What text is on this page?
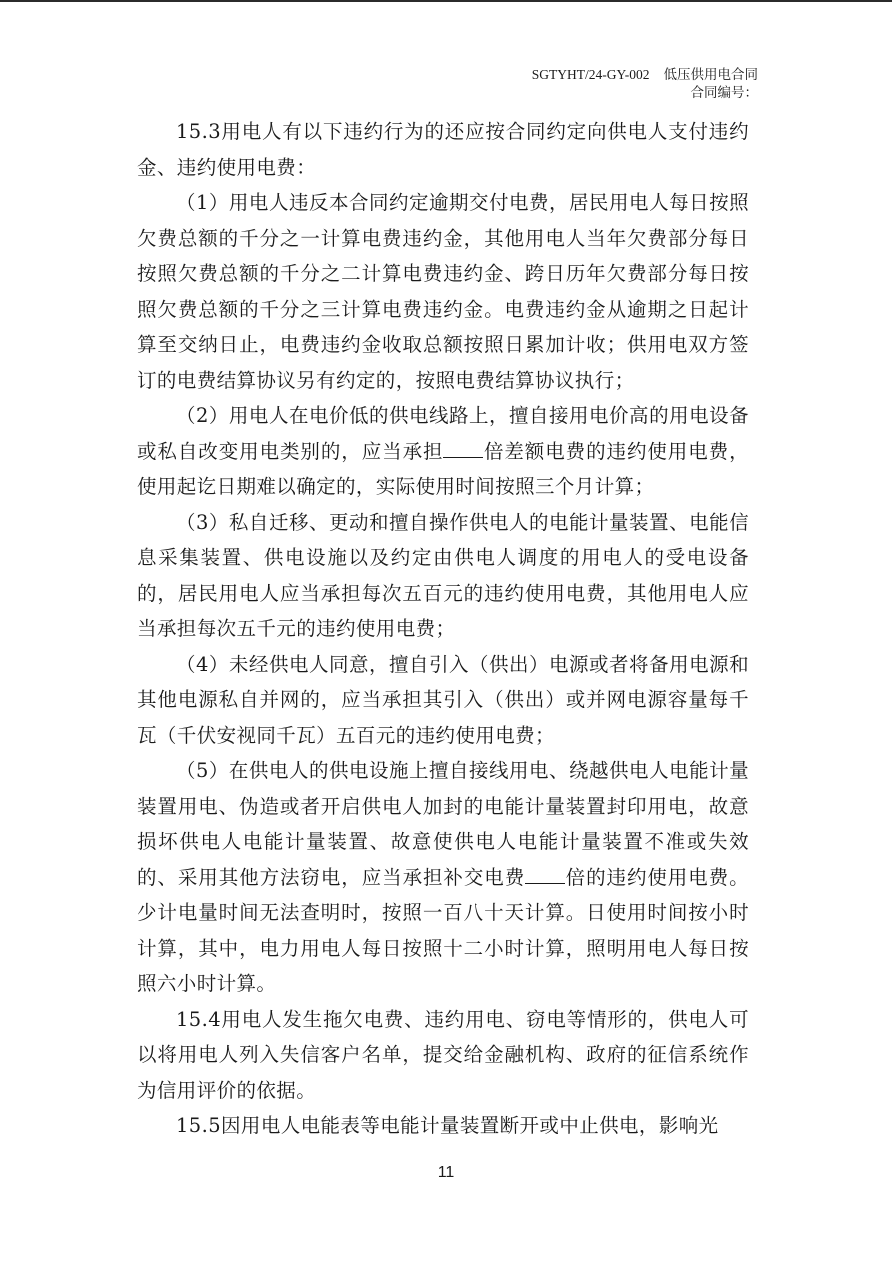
SGTYHT/24-GY-002 低压供用电合同
合同编号：

15.3用电人有以下违约行为的还应按合同约定向供电人支付违约金、违约使用电费：

（1）用电人违反本合同约定逾期交付电费，居民用电人每日按照欠费总额的千分之一计算电费违约金，其他用电人当年欠费部分每日按照欠费总额的千分之二计算电费违约金、跨日历年欠费部分每日按照欠费总额的千分之三计算电费违约金。电费违约金从逾期之日起计算至交纳日止，电费违约金收取总额按照日累加计收；供用电双方签订的电费结算协议另有约定的，按照电费结算协议执行；

（2）用电人在电价低的供电线路上，擅自接用电价高的用电设备或私自改变用电类别的，应当承担 倍差额电费的违约使用电费，使用起讫日期难以确定的，实际使用时间按照三个月计算；

（3）私自迁移、更动和擅自操作供电人的电能计量装置、电能信息采集装置、供电设施以及约定由供电人调度的用电人的受电设备的，居民用电人应当承担每次五百元的违约使用电费，其他用电人应当承担每次五千元的违约使用电费；

（4）未经供电人同意，擅自引入（供出）电源或者将备用电源和其他电源私自并网的，应当承担其引入（供出）或并网电源容量每千瓦（千伏安视同千瓦）五百元的违约使用电费；

（5）在供电人的供电设施上擅自接线用电、绕越供电人电能计量装置用电、伪造或者开启供电人加封的电能计量装置封印用电，故意损坏供电人电能计量装置、故意使供电人电能计量装置不准或失效的、采用其他方法窃电，应当承担补交电费 倍的违约使用电费。少计电量时间无法查明时，按照一百八十天计算。日使用时间按小时计算，其中，电力用电人每日按照十二小时计算，照明用电人每日按照六小时计算。

15.4用电人发生拖欠电费、违约用电、窃电等情形的，供电人可以将用电人列入失信客户名单，提交给金融机构、政府的征信系统作为信用评价的依据。

15.5因用电人电能表等电能计量装置断开或中止供电，影响光

11
